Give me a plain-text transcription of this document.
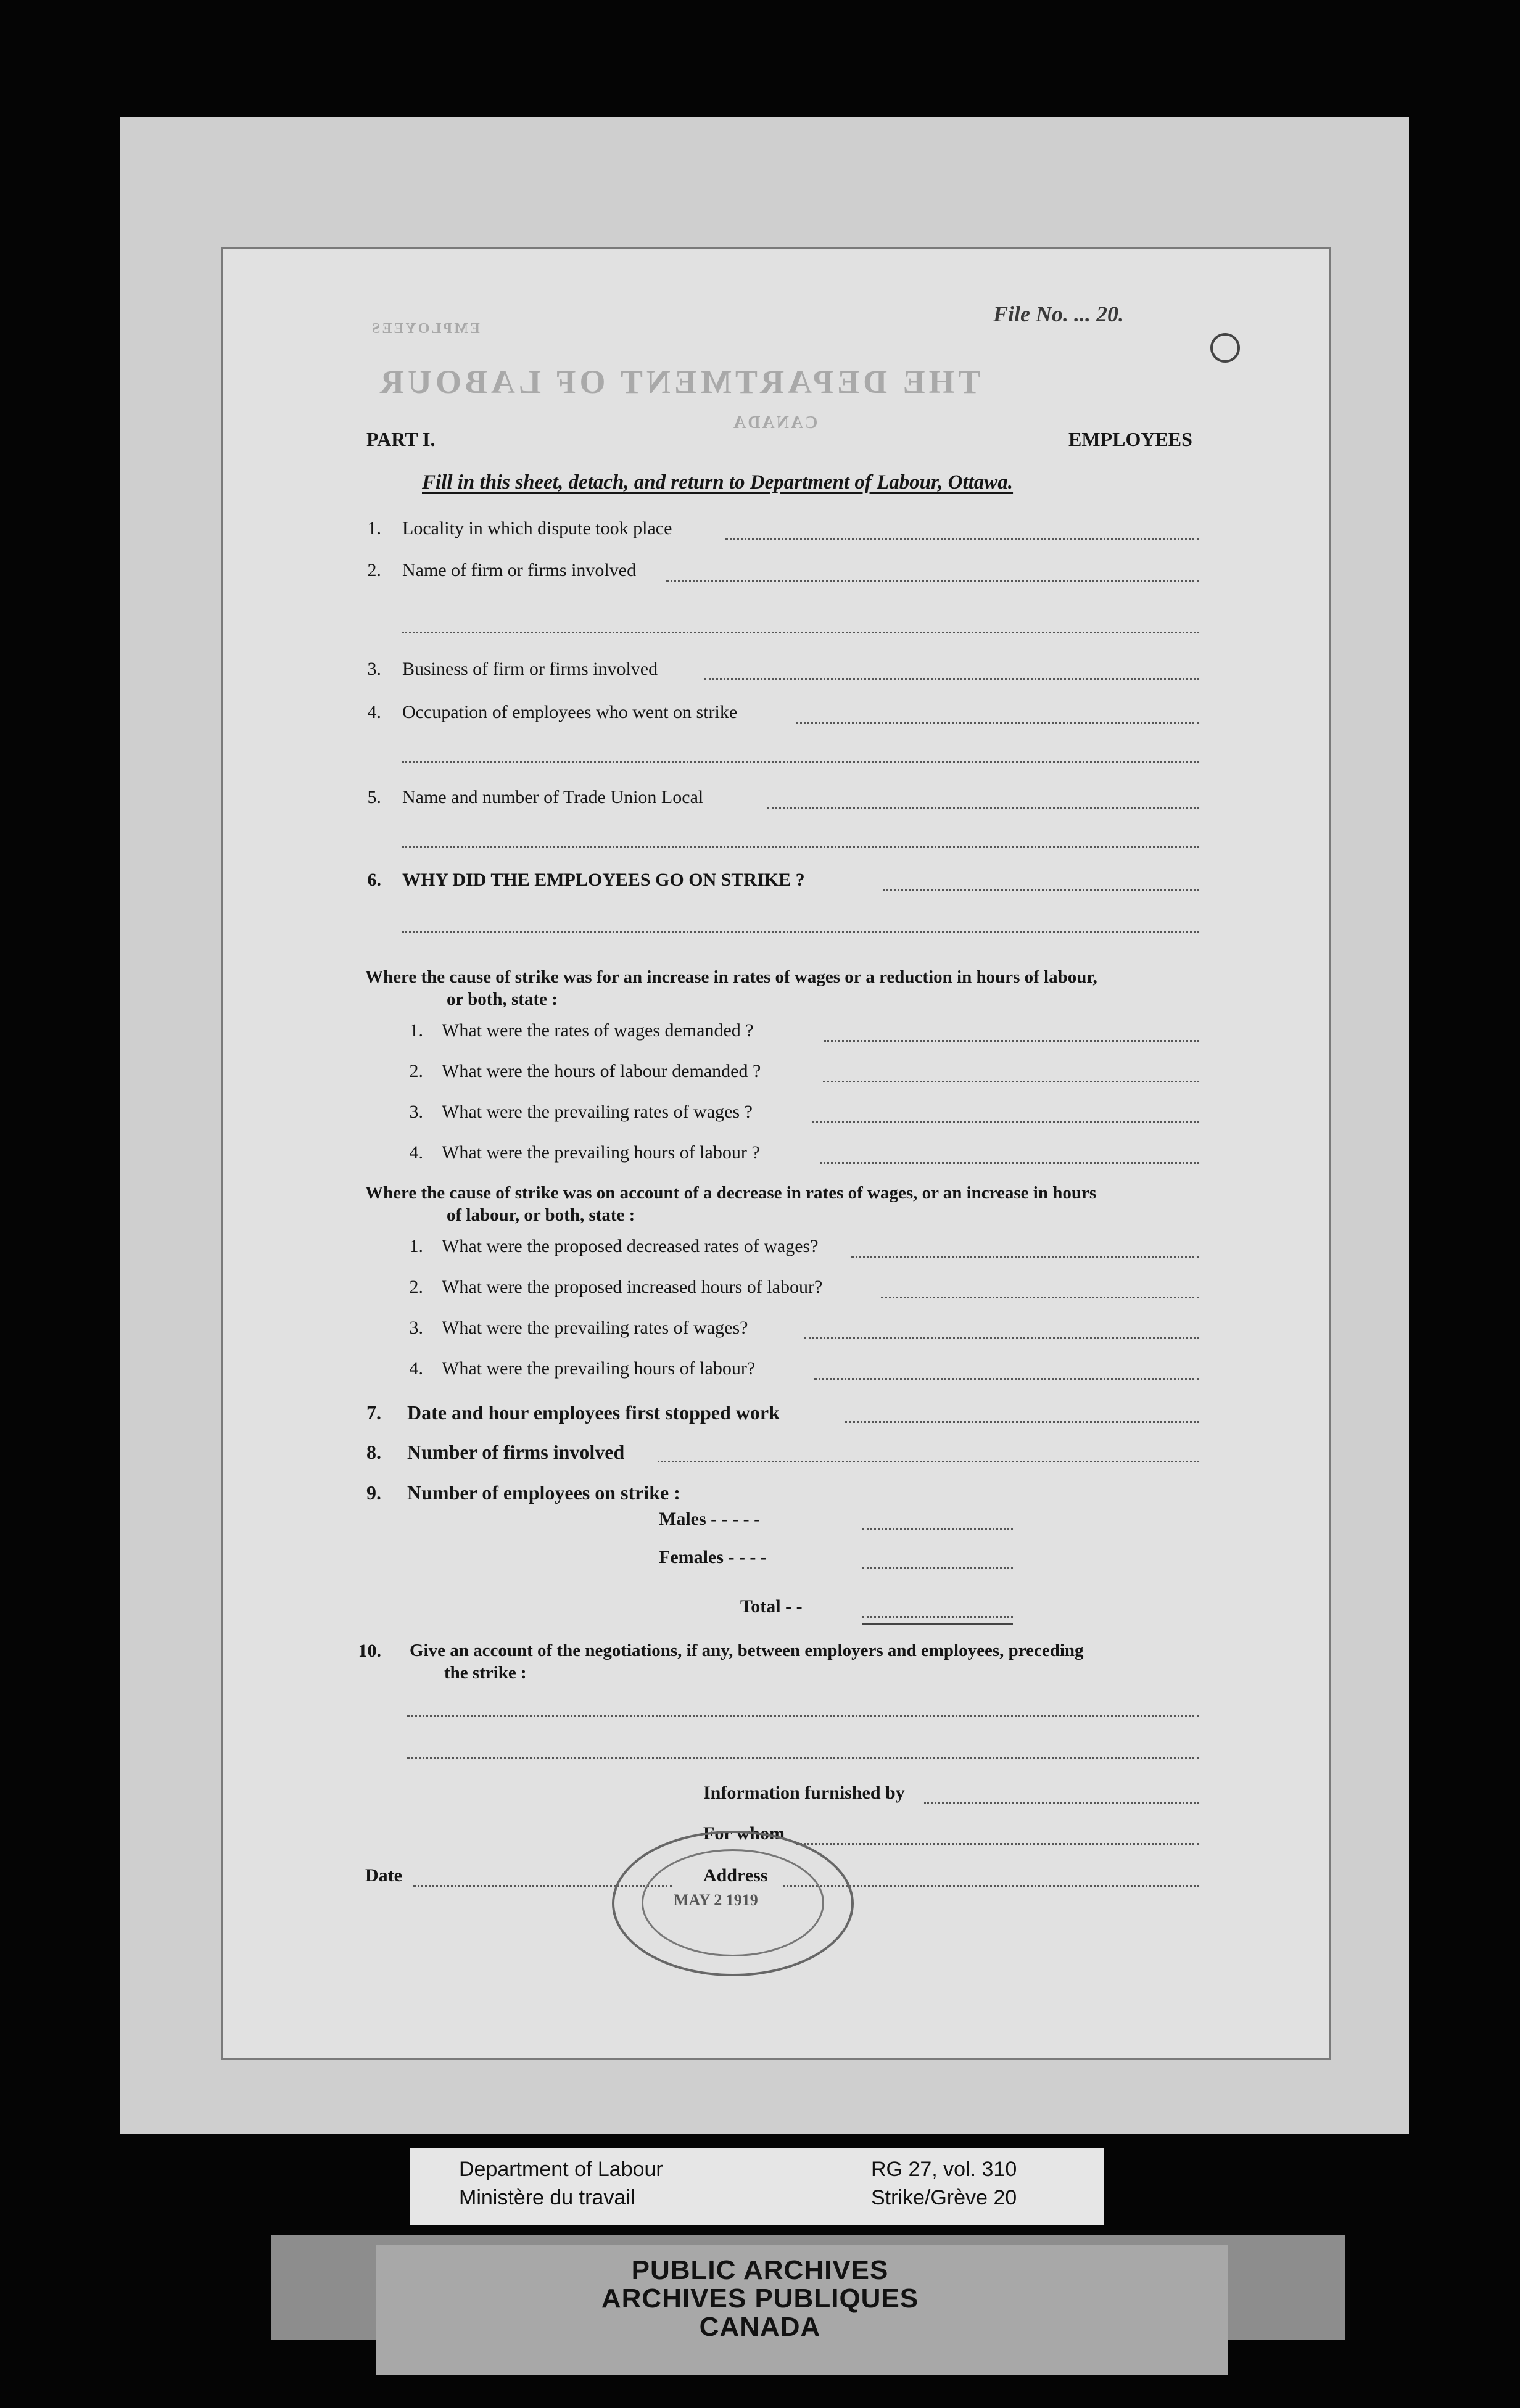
THE DEPARTMENT OF LABOUR
CANADA
EMPLOYEES
File No. ... 20.
PART I.	EMPLOYEES
Fill in this sheet, detach, and return to Department of Labour, Ottawa.
1. Locality in which dispute took place
2. Name of firm or firms involved
3. Business of firm or firms involved
4. Occupation of employees who went on strike
5. Name and number of Trade Union Local
6. WHY DID THE EMPLOYEES GO ON STRIKE ?
Where the cause of strike was for an increase in rates of wages or a reduction in hours of labour,
or both, state :
1. What were the rates of wages demanded ?
2. What were the hours of labour demanded ?
3. What were the prevailing rates of wages ?
4. What were the prevailing hours of labour ?
Where the cause of strike was on account of a decrease in rates of wages, or an increase in hours
of labour, or both, state :
1. What were the proposed decreased rates of wages?
2. What were the proposed increased hours of labour?
3. What were the prevailing rates of wages?
4. What were the prevailing hours of labour?
7. Date and hour employees first stopped work
8. Number of firms involved
9. Number of employees on strike :
Males - - - - -
Females - - - -
Total - -
10. Give an account of the negotiations, if any, between employers and employees, preceding
the strike :
Information furnished by
For whom
Date	Address
MAY 2 1919
Department of Labour
Ministère du travail
RG 27, vol. 310
Strike/Grève 20
PUBLIC ARCHIVES
ARCHIVES PUBLIQUES
CANADA
